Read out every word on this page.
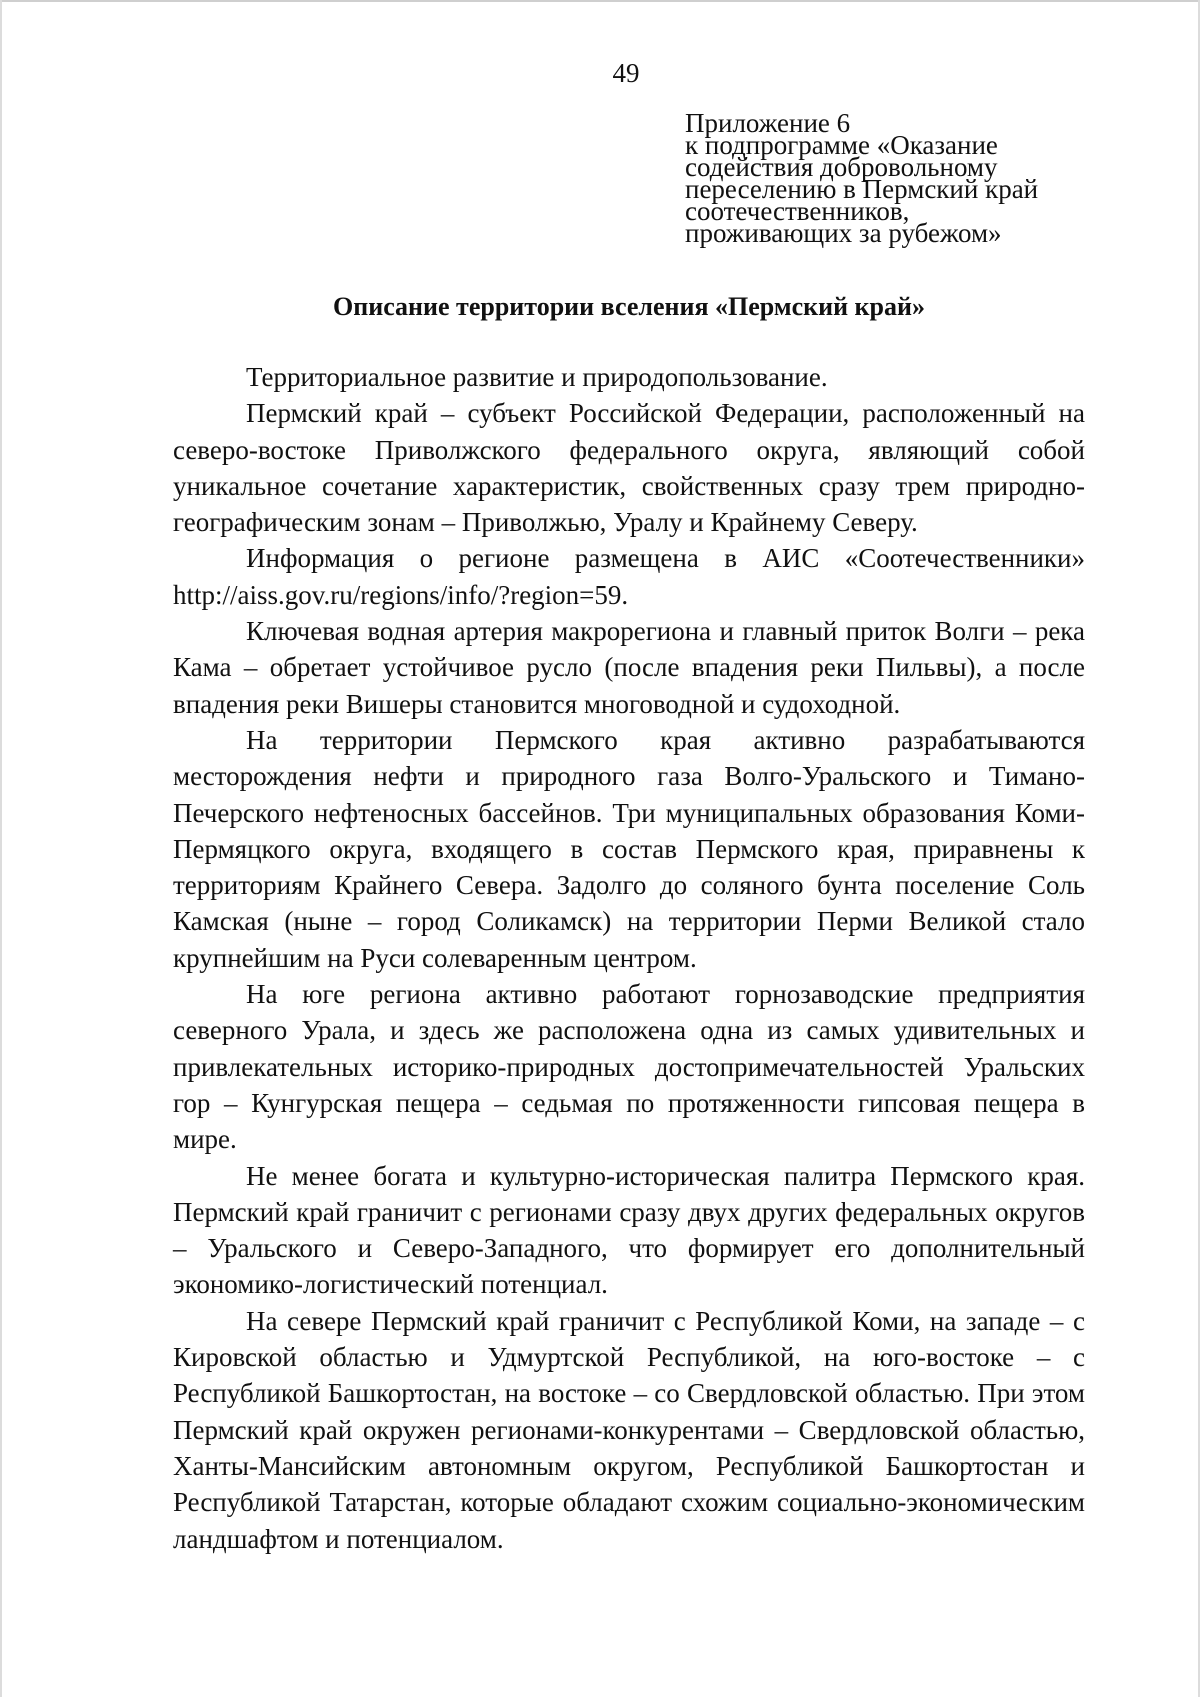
49
Приложение 6
к подпрограмме «Оказание
содействия добровольному
переселению в Пермский край
соотечественников,
проживающих за рубежом»
Описание территории вселения «Пермский край»

Территориальное развитие и природопользование.

Пермский край – субъект Российской Федерации, расположенный на северо-востоке Приволжского федерального округа, являющий собой уникальное сочетание характеристик, свойственных сразу трем природно-географическим зонам – Приволжью, Уралу и Крайнему Северу.

Информация о регионе размещена в АИС «Соотечественники» http://aiss.gov.ru/regions/info/?region=59.

Ключевая водная артерия макрорегиона и главный приток Волги – река Кама – обретает устойчивое русло (после впадения реки Пильвы), а после впадения реки Вишеры становится многоводной и судоходной.

На территории Пермского края активно разрабатываются месторождения нефти и природного газа Волго-Уральского и Тимано-Печерского нефтеносных бассейнов. Три муниципальных образования Коми-Пермяцкого округа, входящего в состав Пермского края, приравнены к территориям Крайнего Севера. Задолго до соляного бунта поселение Соль Камская (ныне – город Соликамск) на территории Перми Великой стало крупнейшим на Руси солеваренным центром.

На юге региона активно работают горнозаводские предприятия северного Урала, и здесь же расположена одна из самых удивительных и привлекательных историко-природных достопримечательностей Уральских гор – Кунгурская пещера – седьмая по протяженности гипсовая пещера в мире.

Не менее богата и культурно-историческая палитра Пермского края. Пермский край граничит с регионами сразу двух других федеральных округов – Уральского и Северо-Западного, что формирует его дополнительный экономико-логистический потенциал.

На севере Пермский край граничит с Республикой Коми, на западе – с Кировской областью и Удмуртской Республикой, на юго-востоке – с Республикой Башкортостан, на востоке – со Свердловской областью. При этом Пермский край окружен регионами-конкурентами – Свердловской областью, Ханты-Мансийским автономным округом, Республикой Башкортостан и Республикой Татарстан, которые обладают схожим социально-экономическим ландшафтом и потенциалом.
